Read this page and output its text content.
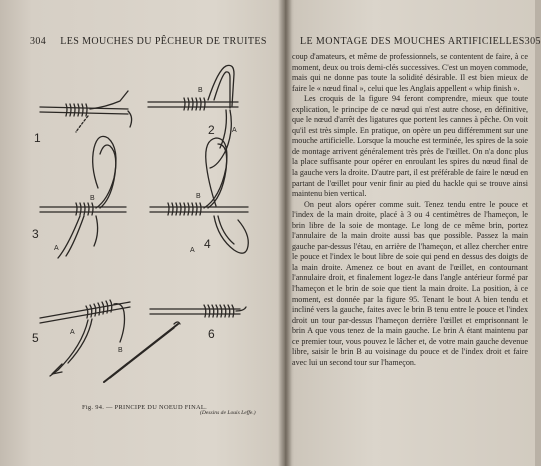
304 LES MOUCHES DU PÊCHEUR DE TRUITES
1
2
3
4
5	6
B
A
B
A
B
A
B
A
Fig. 94. — PRINCIPE DU NOEUD FINAL.
(Dessins de Louis Leffe.)
LE MONTAGE DES MOUCHES ARTIFICIELLES 305

coup d'amateurs, et même de professionnels, se contentent de faire, à ce moment, deux ou trois demi-clés successives. C'est un moyen commode, mais qui ne donne pas toute la solidité désirable. Il est bien mieux de faire le « nœud final », celui que les Anglais appellent « whip finish ».

Les croquis de la figure 94 feront comprendre, mieux que toute explication, le principe de ce nœud qui n'est autre chose, en définitive, que le nœud d'arrêt des ligatures que portent les cannes à pêche. On voit qu'il est très simple. En pratique, on opère un peu différemment sur une mouche artificielle. Lorsque la mouche est terminée, les spires de la soie de montage arrivent généralement très près de l'œillet. On n'a donc plus la place suffisante pour opérer en enroulant les spires du nœud final de la gauche vers la droite. D'autre part, il est préférable de faire le nœud en partant de l'œillet pour venir finir au pied du hackle qui se trouve ainsi maintenu bien vertical.

On peut alors opérer comme suit. Tenez tendu entre le pouce et l'index de la main droite, placé à 3 ou 4 centimètres de l'hameçon, le brin libre de la soie de montage. Le long de ce même brin, portez l'annulaire de la main droite aussi bas que possible. Passez la main gauche par-dessus l'étau, en arrière de l'hameçon, et allez chercher entre le pouce et l'index le bout libre de soie qui pend en dessus des doigts de la main droite. Amenez ce bout en avant de l'œillet, en contournant l'annulaire droit, et finalement logez-le dans l'angle antérieur formé par l'hameçon et le brin de soie que tient la main droite. La position, à ce moment, est donnée par la figure 95. Tenant le bout A bien tendu et incliné vers la gauche, faites avec le brin B tenu entre le pouce et l'index droit un tour par-dessus l'hameçon derrière l'œillet et emprisonnant le brin A que vous tenez de la main gauche. Le brin A étant maintenu par ce premier tour, vous pouvez le lâcher et, de votre main gauche devenue libre, saisir le brin B au voisinage du pouce et de l'index droit et faire avec lui un second tour sur l'hameçon.
